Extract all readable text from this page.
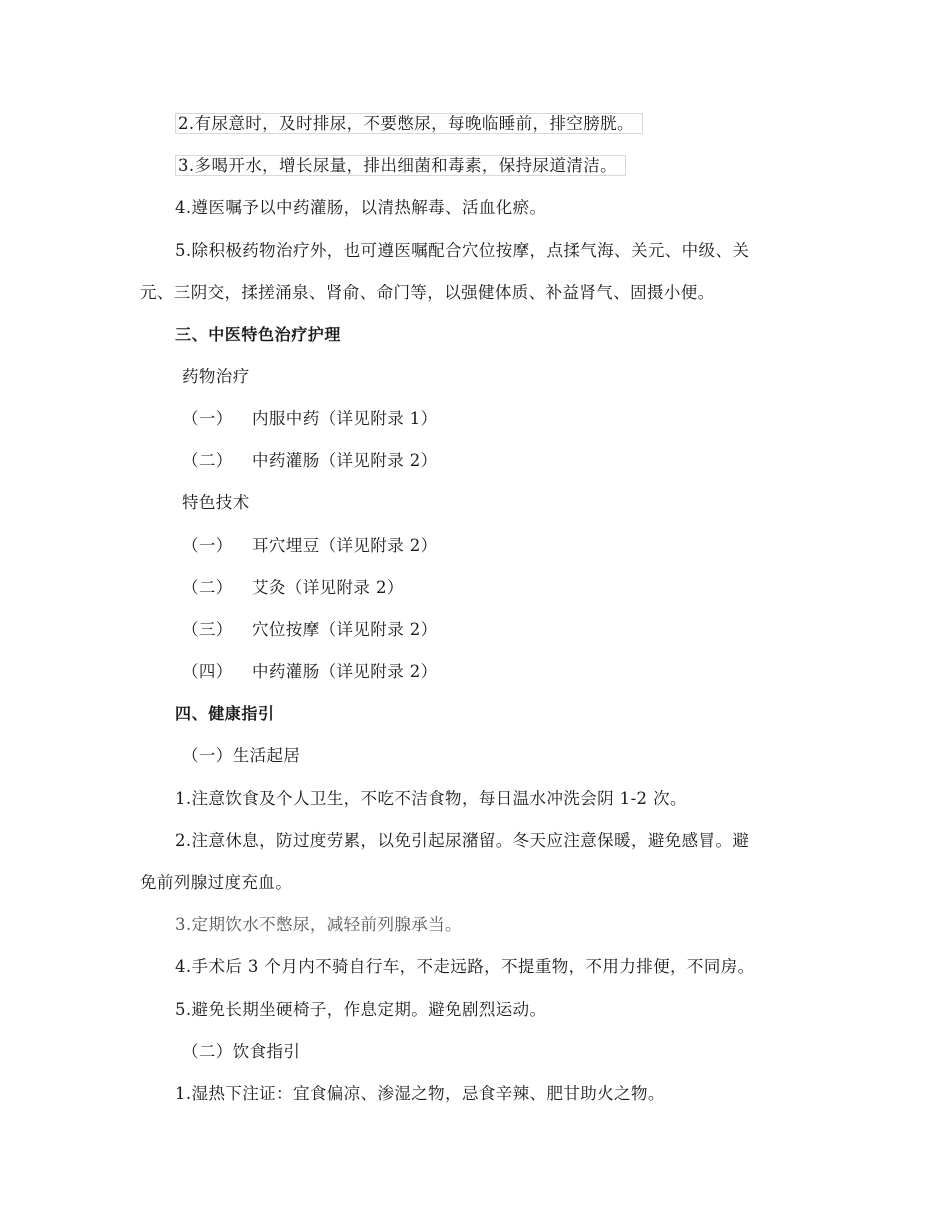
2.有尿意时，及时排尿，不要憋尿，每晚临睡前，排空膀胱。
3.多喝开水，增长尿量，排出细菌和毒素，保持尿道清洁。
4.遵医嘱予以中药灌肠，以清热解毒、活血化瘀。
5.除积极药物治疗外，也可遵医嘱配合穴位按摩，点揉气海、关元、中级、关
元、三阴交，揉搓涌泉、肾俞、命门等，以强健体质、补益肾气、固摄小便。
三、中医特色治疗护理
药物治疗
（一） 内服中药（详见附录 1）
（二） 中药灌肠（详见附录 2）
特色技术
（一） 耳穴埋豆（详见附录 2）
（二） 艾灸（详见附录 2）
（三） 穴位按摩（详见附录 2）
（四） 中药灌肠（详见附录 2）
四、健康指引
（一）生活起居
1.注意饮食及个人卫生，不吃不洁食物，每日温水冲洗会阴 1-2 次。
2.注意休息，防过度劳累，以免引起尿潴留。冬天应注意保暖，避免感冒。避
免前列腺过度充血。
3.定期饮水不憋尿，减轻前列腺承当。
4.手术后 3 个月内不骑自行车，不走远路，不提重物，不用力排便，不同房。
5.避免长期坐硬椅子，作息定期。避免剧烈运动。
（二）饮食指引
1.湿热下注证：宜食偏凉、渗湿之物，忌食辛辣、肥甘助火之物。
